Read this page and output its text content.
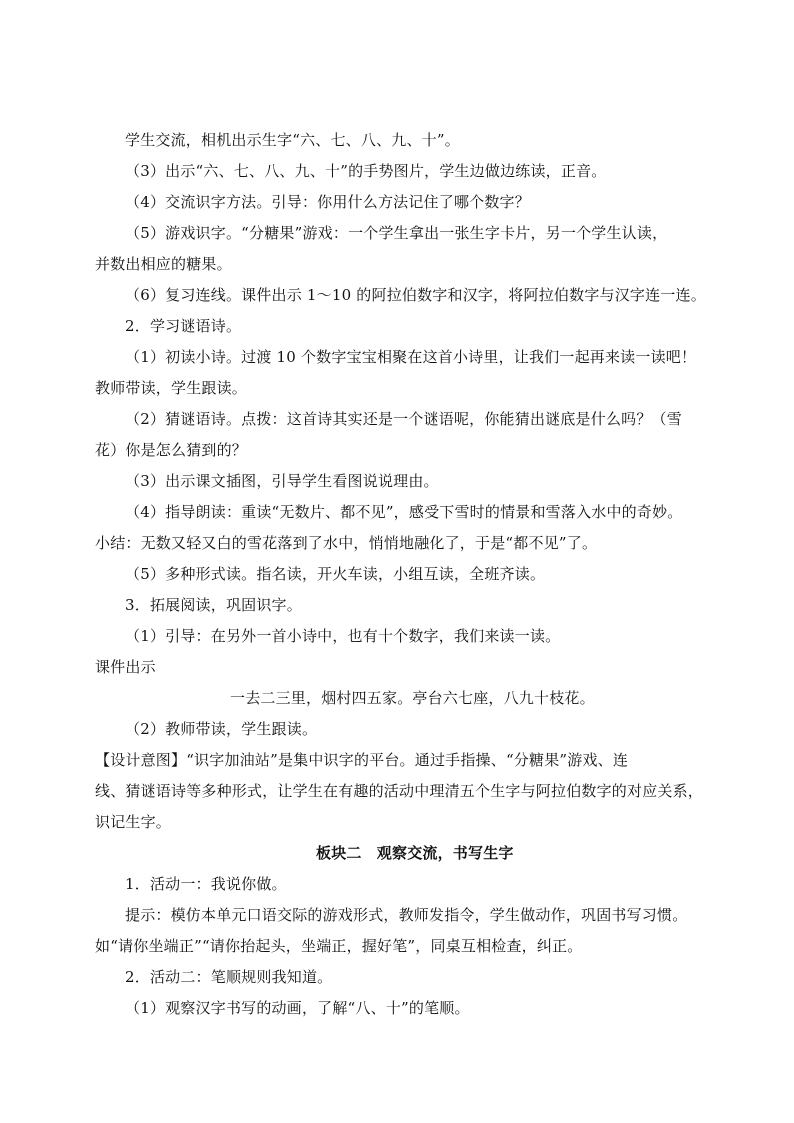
学生交流，相机出示生字“六、七、八、九、十”。
（3）出示“六、七、八、九、十”的手势图片，学生边做边练读，正音。
（4）交流识字方法。引导：你用什么方法记住了哪个数字？
（5）游戏识字。“分糖果”游戏：一个学生拿出一张生字卡片，另一个学生认读，
并数出相应的糖果。
（6）复习连线。课件出示 1～10 的阿拉伯数字和汉字，将阿拉伯数字与汉字连一连。
2．学习谜语诗。
（1）初读小诗。过渡 10 个数字宝宝相聚在这首小诗里，让我们一起再来读一读吧！
教师带读，学生跟读。
（2）猜谜语诗。点拨：这首诗其实还是一个谜语呢，你能猜出谜底是什么吗？（雪
花）你是怎么猜到的？
（3）出示课文插图，引导学生看图说说理由。
（4）指导朗读：重读“无数片、都不见”，感受下雪时的情景和雪落入水中的奇妙。
小结：无数又轻又白的雪花落到了水中，悄悄地融化了，于是“都不见”了。
（5）多种形式读。指名读，开火车读，小组互读，全班齐读。
3．拓展阅读，巩固识字。
（1）引导：在另外一首小诗中，也有十个数字，我们来读一读。
课件出示
一去二三里，烟村四五家。亭台六七座，八九十枝花。
（2）教师带读，学生跟读。
【设计意图】“识字加油站”是集中识字的平台。通过手指操、“分糖果”游戏、连
线、猜谜语诗等多种形式，让学生在有趣的活动中理清五个生字与阿拉伯数字的对应关系，
识记生字。
板块二　观察交流，书写生字
1．活动一：我说你做。
提示：模仿本单元口语交际的游戏形式，教师发指令，学生做动作，巩固书写习惯。
如“请你坐端正”“请你抬起头，坐端正，握好笔”，同桌互相检查，纠正。
2．活动二：笔顺规则我知道。
（1）观察汉字书写的动画，了解“八、十”的笔顺。
